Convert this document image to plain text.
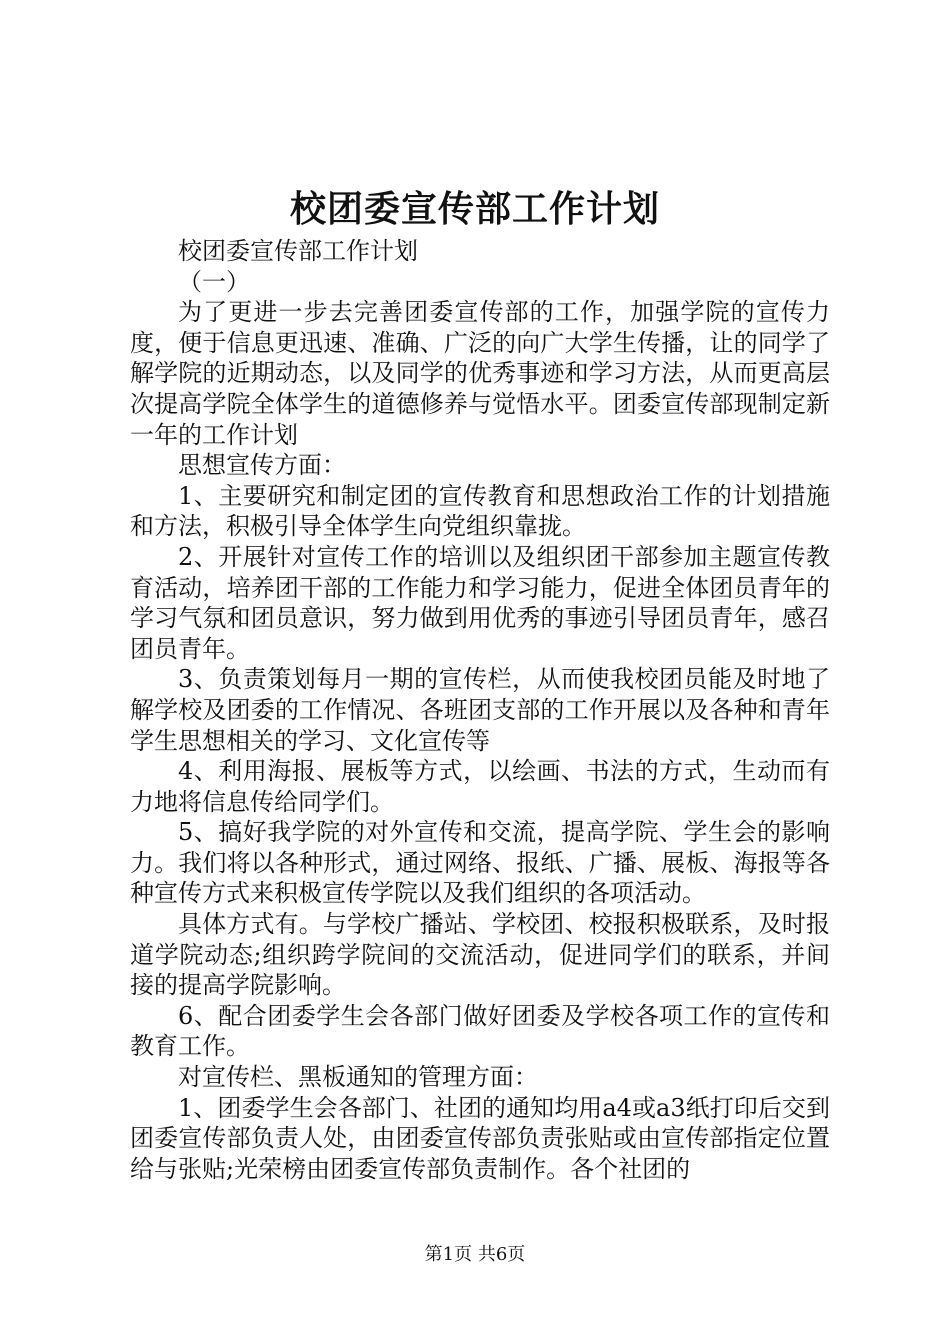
校团委宣传部工作计划

校团委宣传部工作计划

（一）

为了更进一步去完善团委宣传部的工作，加强学院的宣传力度，便于信息更迅速、准确、广泛的向广大学生传播，让的同学了解学院的近期动态，以及同学的优秀事迹和学习方法，从而更高层次提高学院全体学生的道德修养与觉悟水平。团委宣传部现制定新一年的工作计划

思想宣传方面：

1、主要研究和制定团的宣传教育和思想政治工作的计划措施和方法，积极引导全体学生向党组织靠拢。

2、开展针对宣传工作的培训以及组织团干部参加主题宣传教育活动，培养团干部的工作能力和学习能力，促进全体团员青年的学习气氛和团员意识，努力做到用优秀的事迹引导团员青年，感召团员青年。

3、负责策划每月一期的宣传栏，从而使我校团员能及时地了解学校及团委的工作情况、各班团支部的工作开展以及各种和青年学生思想相关的学习、文化宣传等

4、利用海报、展板等方式，以绘画、书法的方式，生动而有力地将信息传给同学们。

5、搞好我学院的对外宣传和交流，提高学院、学生会的影响力。我们将以各种形式，通过网络、报纸、广播、展板、海报等各种宣传方式来积极宣传学院以及我们组织的各项活动。

具体方式有。与学校广播站、学校团、校报积极联系，及时报道学院动态;组织跨学院间的交流活动，促进同学们的联系，并间接的提高学院影响。

6、配合团委学生会各部门做好团委及学校各项工作的宣传和教育工作。

对宣传栏、黑板通知的管理方面：

1、团委学生会各部门、社团的通知均用a4或a3纸打印后交到团委宣传部负责人处，由团委宣传部负责张贴或由宣传部指定位置给与张贴;光荣榜由团委宣传部负责制作。各个社团的

第1页 共6页
